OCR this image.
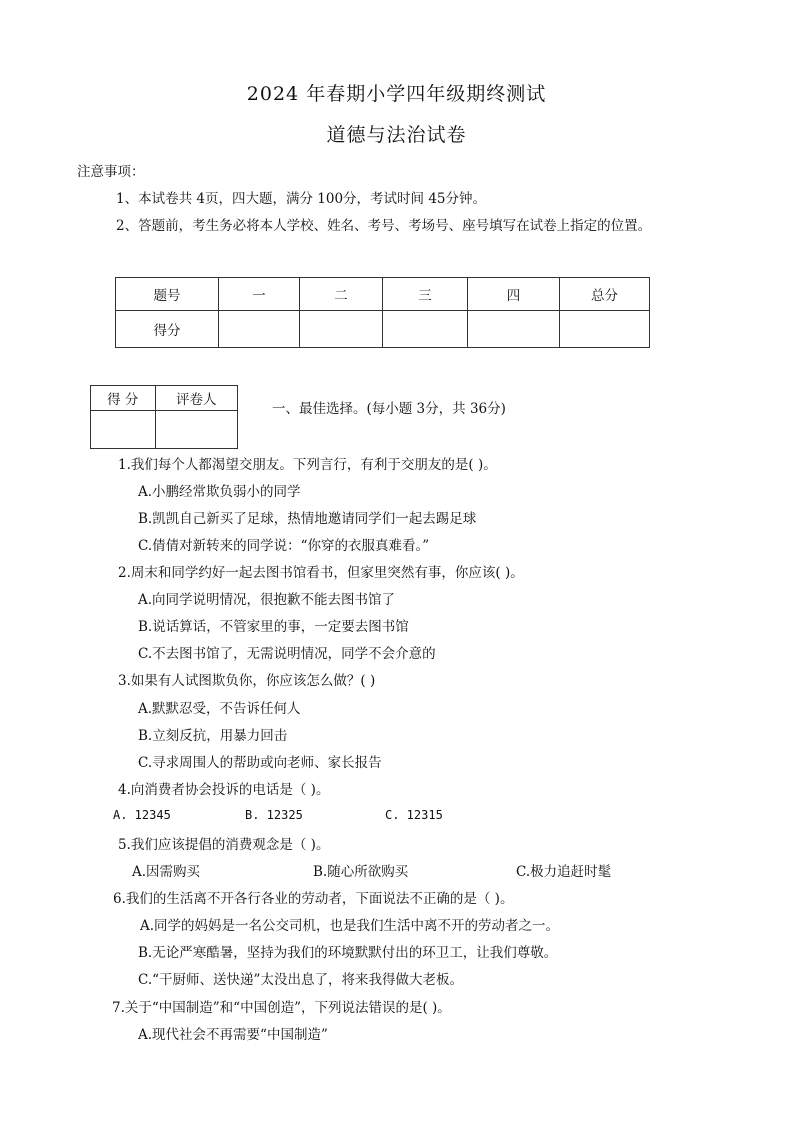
2024 年春期小学四年级期终测试
道德与法治试卷
注意事项：
1、本试卷共 4页，四大题，满分 100分，考试时间 45分钟。
2、答题前，考生务必将本人学校、姓名、考号、考场号、座号填写在试卷上指定的位置。
题号	一	二	三	四	总分
得分					
得 分	评卷人

一、最佳选择。(每小题 3分，共 36分)
1.我们每个人都渴望交朋友。下列言行，有利于交朋友的是( )。
A.小鹏经常欺负弱小的同学
B.凯凯自己新买了足球，热情地邀请同学们一起去踢足球
C.倩倩对新转来的同学说：“你穿的衣服真难看。”
2.周末和同学约好一起去图书馆看书，但家里突然有事，你应该( )。
A.向同学说明情况，很抱歉不能去图书馆了
B.说话算话，不管家里的事，一定要去图书馆
C.不去图书馆了，无需说明情况，同学不会介意的
3.如果有人试图欺负你，你应该怎么做？( )
A.默默忍受，不告诉任何人
B.立刻反抗，用暴力回击
C.寻求周围人的帮助或向老师、家长报告
4.向消费者协会投诉的电话是（ )。
A. 12345	B. 12325	C. 12315
5.我们应该提倡的消费观念是（ )。
A.因需购买	B.随心所欲购买	C.极力追赶时髦
6.我们的生活离不开各行各业的劳动者，下面说法不正确的是（ )。
A.同学的妈妈是一名公交司机，也是我们生活中离不开的劳动者之一。
B.无论严寒酷暑，坚持为我们的环境默默付出的环卫工，让我们尊敬。
C.“干厨师、送快递”太没出息了，将来我得做大老板。
7.关于“中国制造”和“中国创造”，下列说法错误的是( )。
A.现代社会不再需要“中国制造”
